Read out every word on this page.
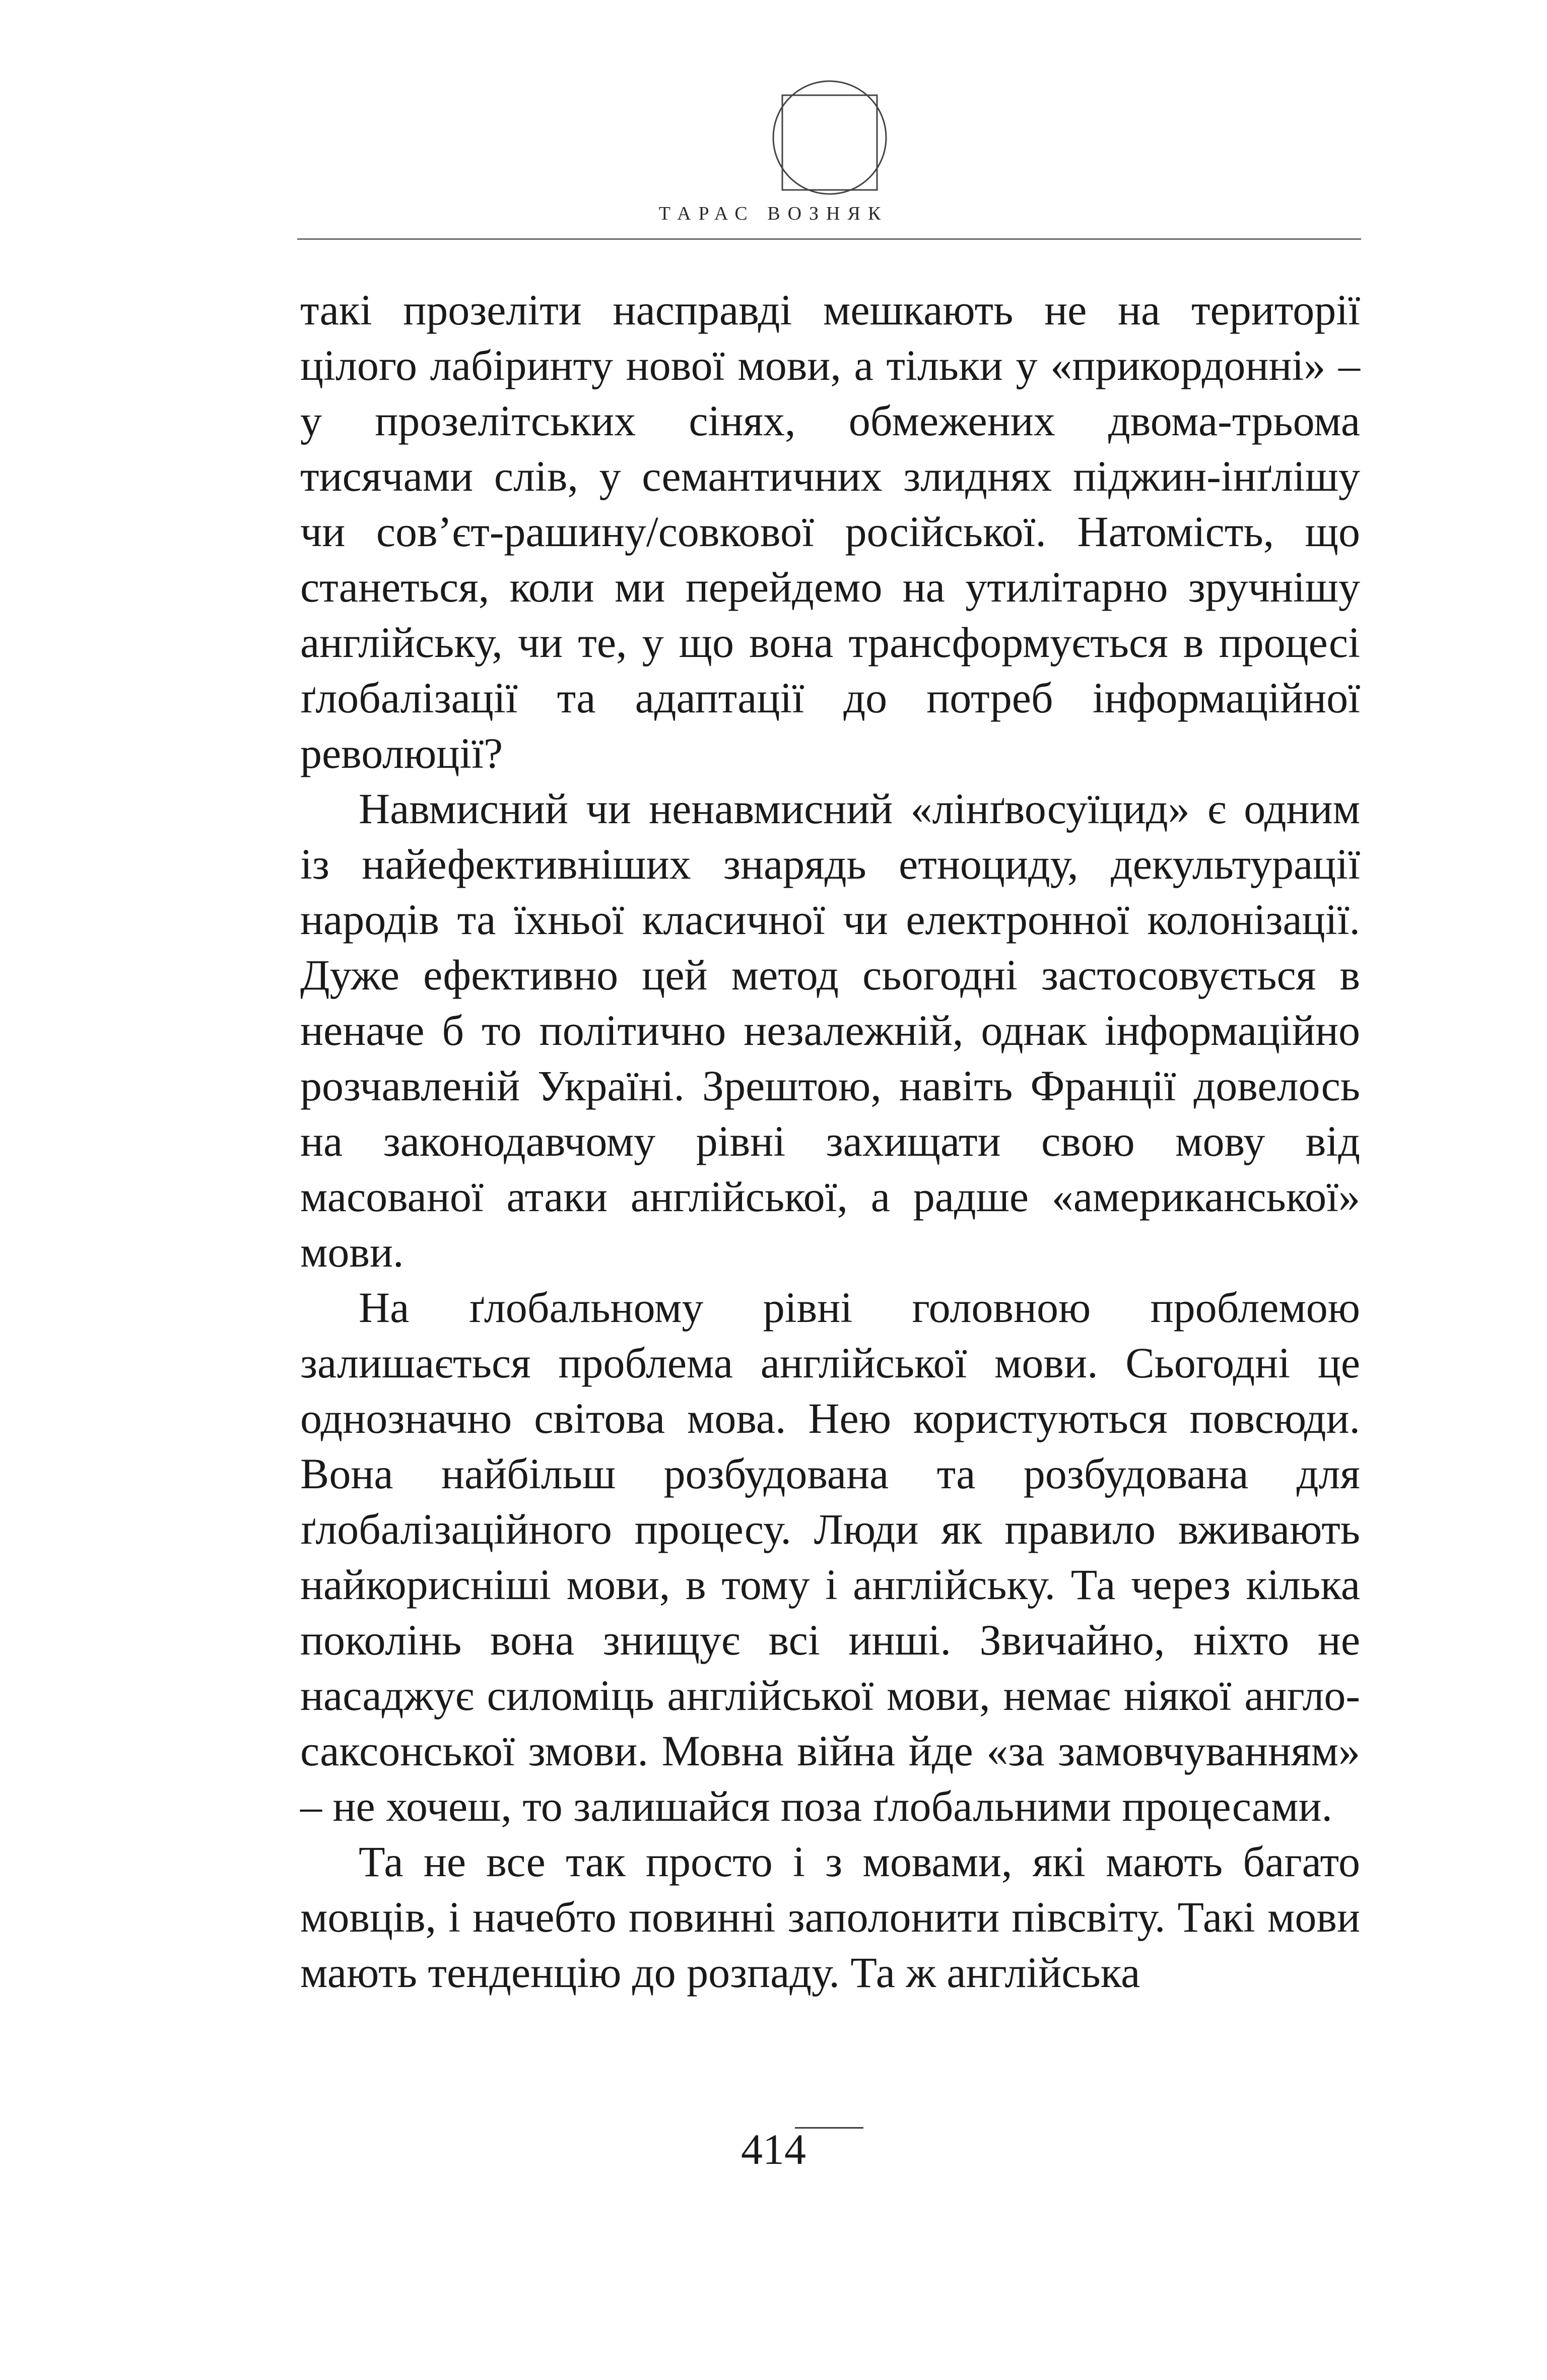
ТАРАС ВОЗНЯК

такі прозеліти насправді мешкають не на території цілого лабіринту нової мови, а тільки у «прикордонні» – у прозелітських сінях, обмежених двома-трьома тисячами слів, у семантичних злиднях піджин-інґлішу чи сов’єт-рашину/совкової російської. Натомість, що станеться, коли ми перейдемо на утилітарно зручнішу англійську, чи те, у що вона трансформується в процесі ґлобалізації та адаптації до потреб інформаційної революції?

Навмисний чи ненавмисний «лінґвосуїцид» є одним із найефективніших знарядь етноциду, декультурації народів та їхньої класичної чи електронної колонізації. Дуже ефективно цей метод сьогодні застосовується в неначе б то політично незалежній, однак інформаційно розчавленій Україні. Зрештою, навіть Франції довелось на законодавчому рівні захищати свою мову від масованої атаки англійської, а радше «американської» мови.

На ґлобальному рівні головною проблемою залишається проблема англійської мови. Сьогодні це однозначно світова мова. Нею користуються повсюди. Вона найбільш розбудована та розбудована для ґлобалізаційного процесу. Люди як правило вживають найкорисніші мови, в тому і англійську. Та через кілька поколінь вона знищує всі инші. Звичайно, ніхто не насаджує силоміць англійської мови, немає ніякої англо-саксонської змови. Мовна війна йде «за замовчуванням» – не хочеш, то залишайся поза ґлобальними процесами.

Та не все так просто і з мовами, які мають багато мовців, і начебто повинні заполонити півсвіту. Такі мови мають тенденцію до розпаду. Та ж англійська

414
